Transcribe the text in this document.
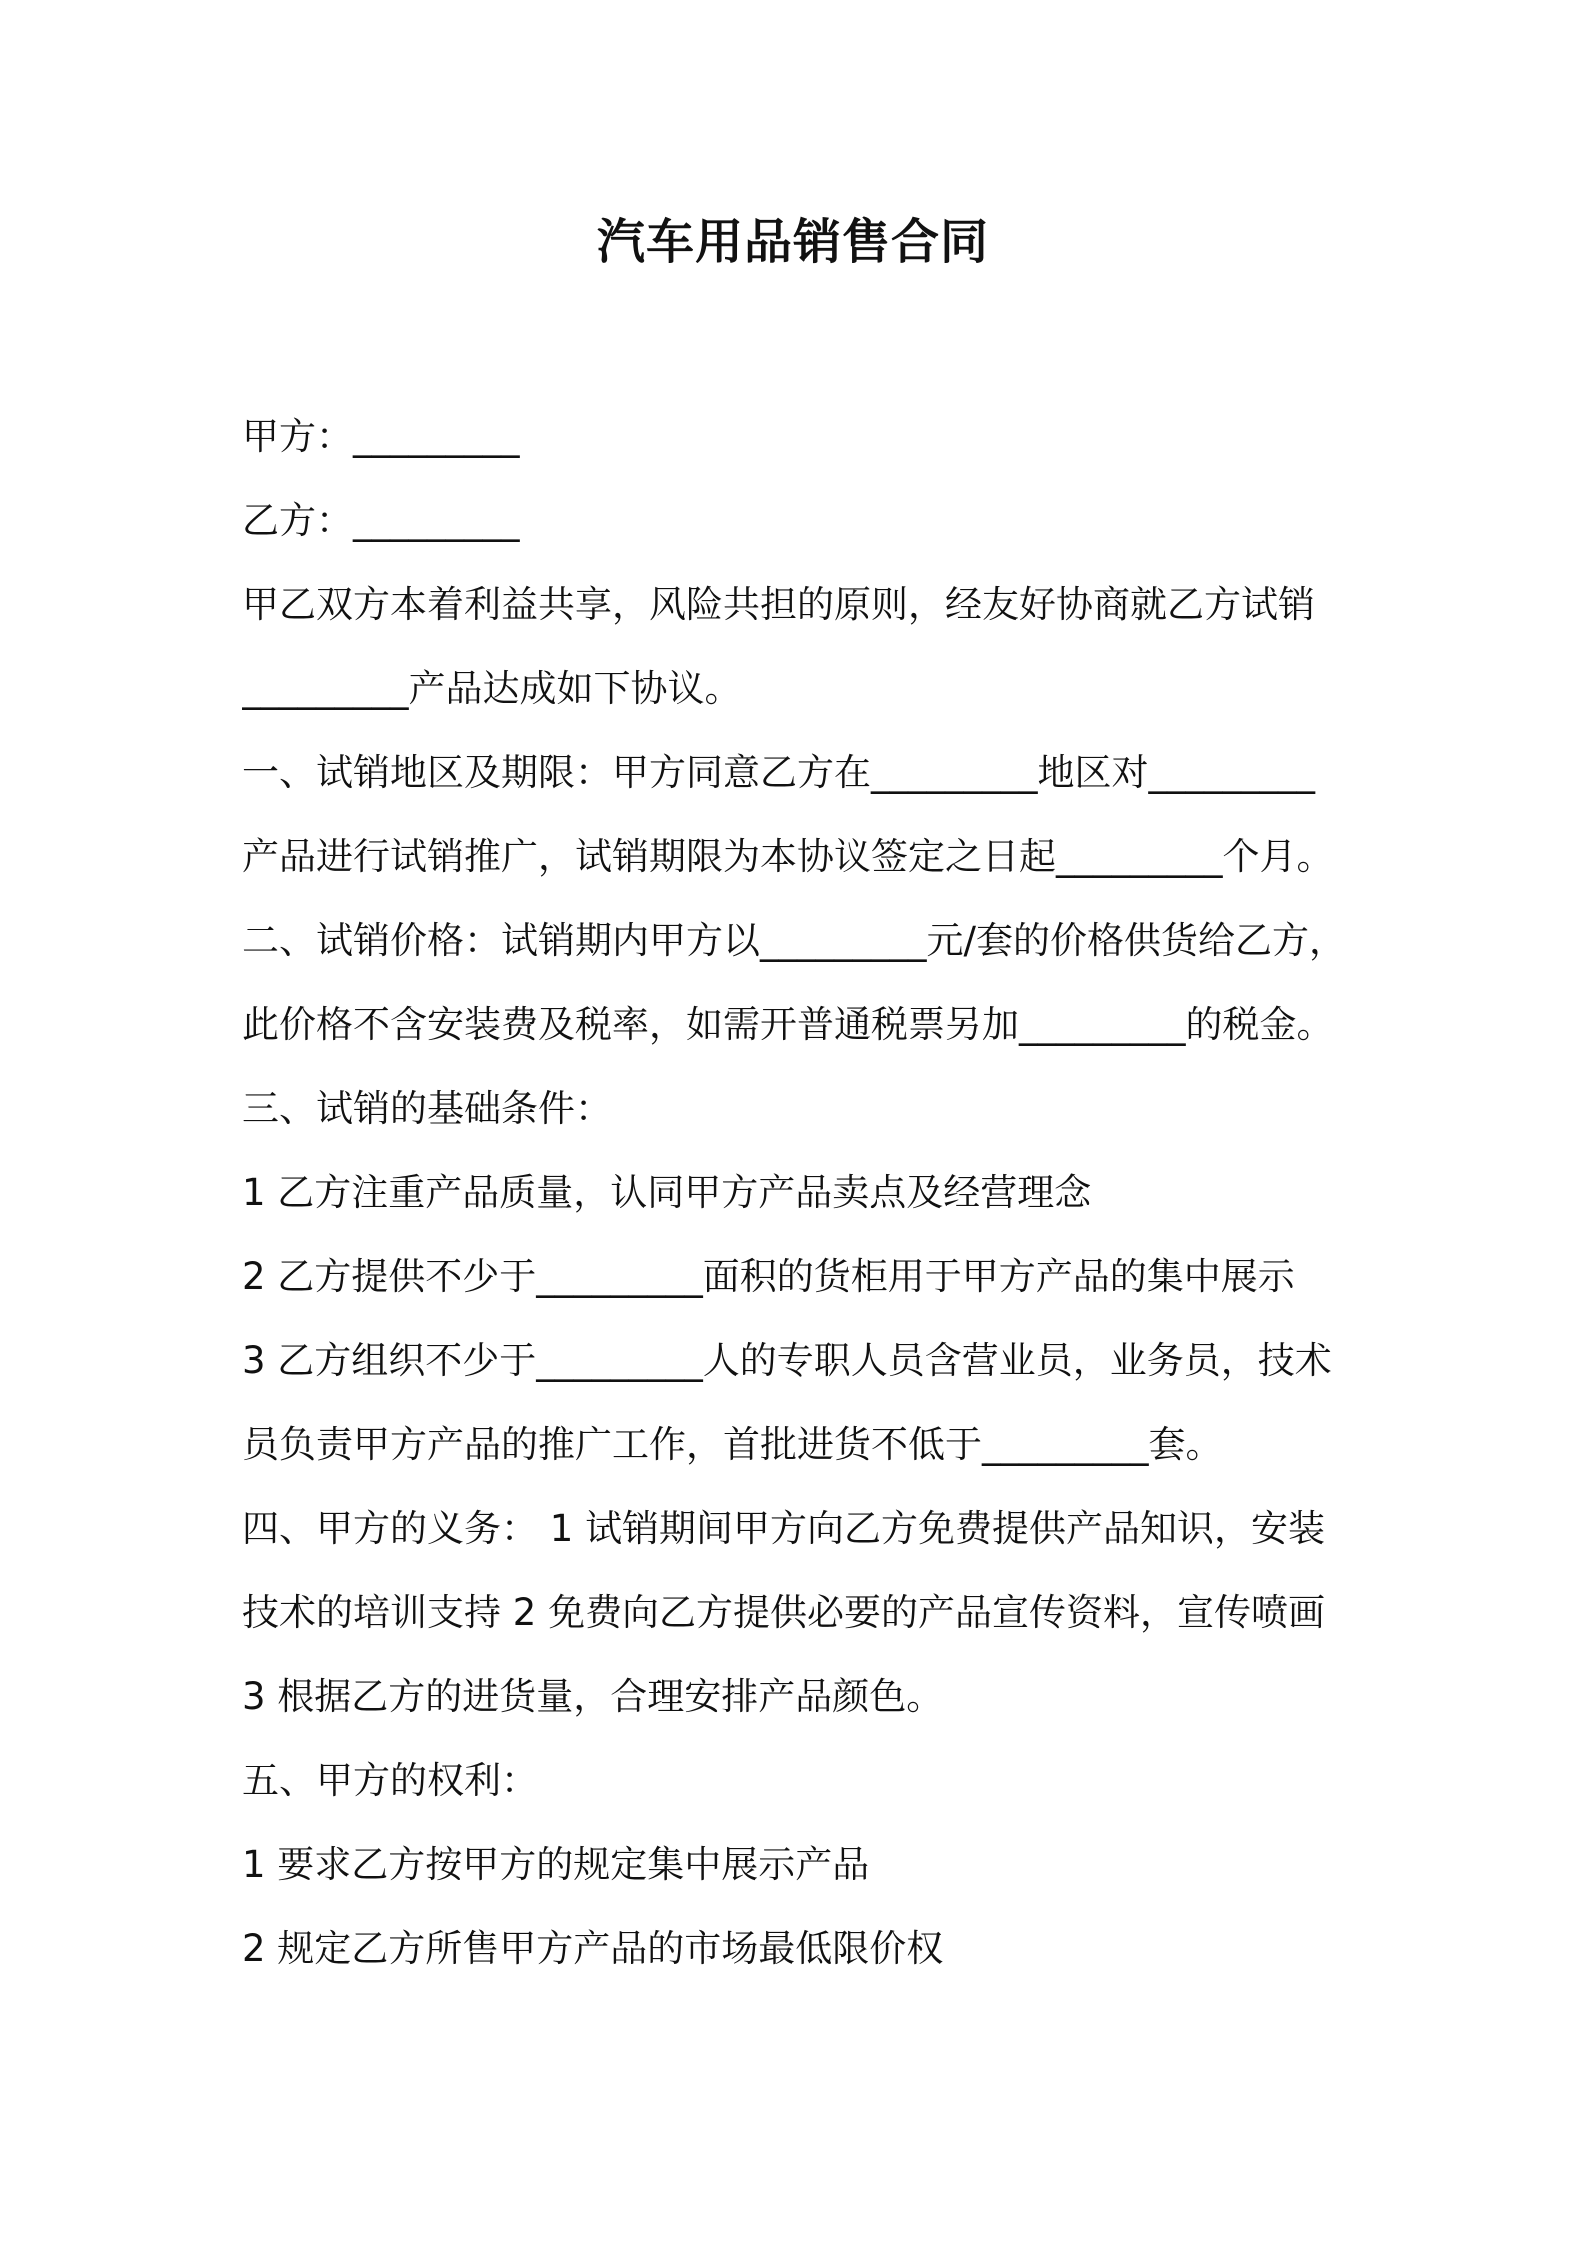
汽车用品销售合同
甲方：_________
乙方：_________
甲乙双方本着利益共享，风险共担的原则，经友好协商就乙方试销
_________产品达成如下协议。
一、试销地区及期限：甲方同意乙方在_________地区对_________
产品进行试销推广，试销期限为本协议签定之日起_________个月。
二、试销价格：试销期内甲方以_________元/套的价格供货给乙方，
此价格不含安装费及税率，如需开普通税票另加_________的税金。
三、试销的基础条件：
1 乙方注重产品质量，认同甲方产品卖点及经营理念
2 乙方提供不少于_________面积的货柜用于甲方产品的集中展示
3 乙方组织不少于_________人的专职人员含营业员，业务员，技术
员负责甲方产品的推广工作，首批进货不低于_________套。
四、甲方的义务： 1 试销期间甲方向乙方免费提供产品知识，安装
技术的培训支持 2 免费向乙方提供必要的产品宣传资料，宣传喷画
3 根据乙方的进货量，合理安排产品颜色。
五、甲方的权利：
1 要求乙方按甲方的规定集中展示产品
2 规定乙方所售甲方产品的市场最低限价权
